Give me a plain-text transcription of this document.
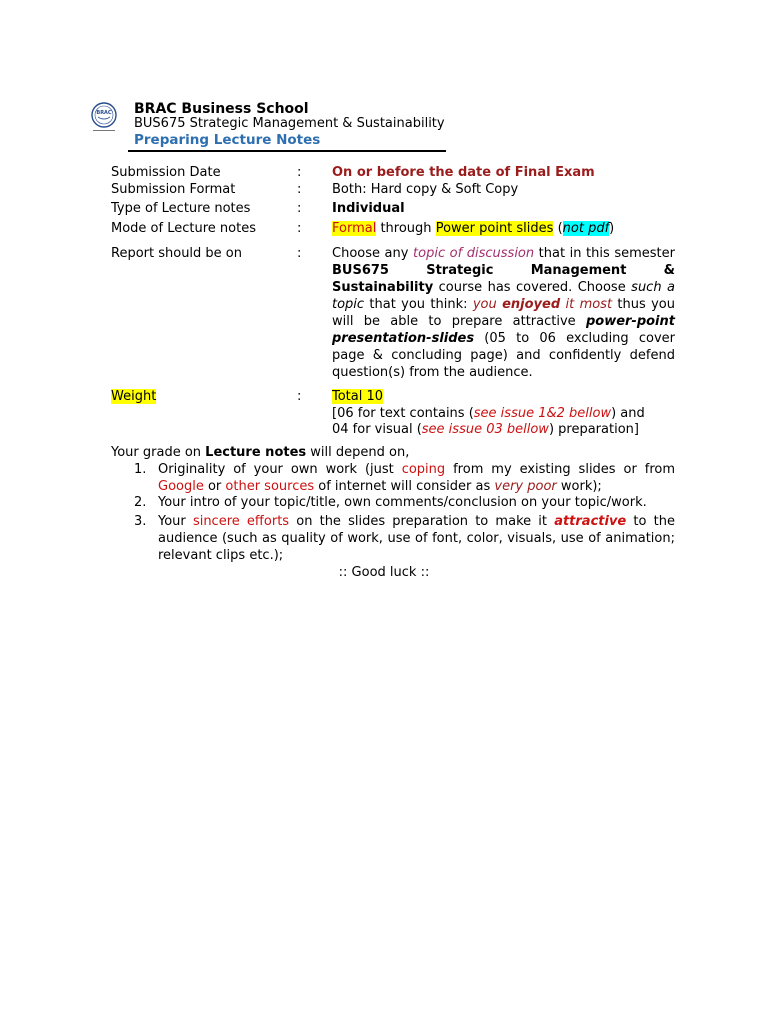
BRAC BRAC Business School
BUS675 Strategic Management & Sustainability
Preparing Lecture Notes
Submission Date	: On or before the date of Final Exam
Submission Format	: Both: Hard copy & Soft Copy
Type of Lecture notes	: Individual
Mode of Lecture notes	: Formal through Power point slides (not pdf)
Report should be on	: Choose any topic of discussion that in this semester BUS675 Strategic Management & Sustainability course has covered. Choose such a topic that you think: you enjoyed it most thus you will be able to prepare attractive power-point presentation-slides (05 to 06 excluding cover page & concluding page) and confidently defend question(s) from the audience.
Weight	: Total 10
[06 for text contains (see issue 1&2 bellow) and
04 for visual (see issue 03 bellow) preparation]
Your grade on Lecture notes will depend on,
1. Originality of your own work (just coping from my existing slides or from Google or other sources of internet will consider as very poor work);
2. Your intro of your topic/title, own comments/conclusion on your topic/work.
3. Your sincere efforts on the slides preparation to make it attractive to the audience (such as quality of work, use of font, color, visuals, use of animation; relevant clips etc.);
:: Good luck ::
